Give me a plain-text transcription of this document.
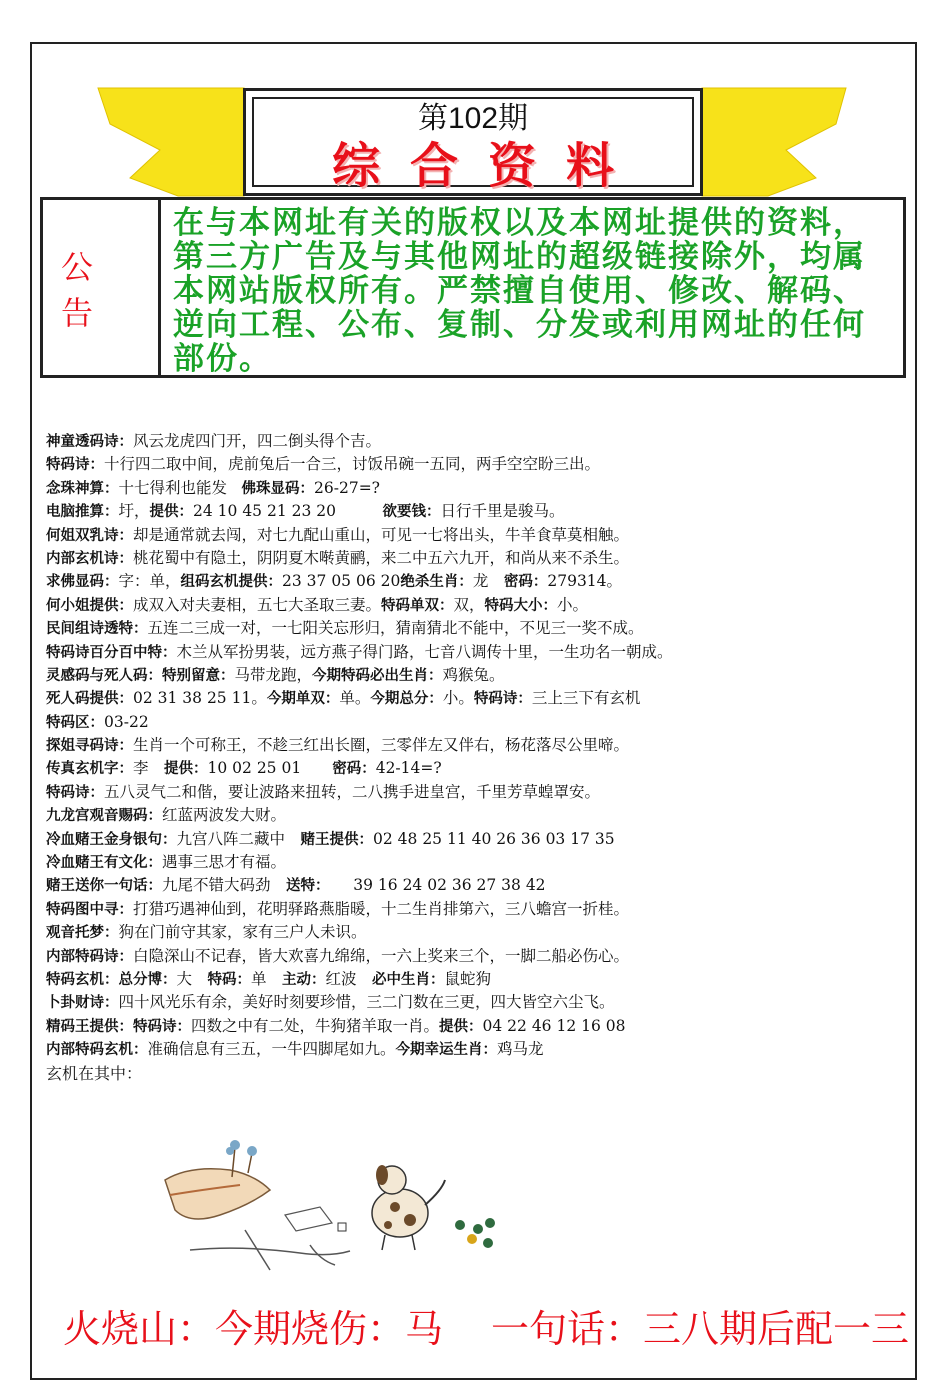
第102期
综合资料
公告
在与本网址有关的版权以及本网址提供的资料，第三方广告及与其他网址的超级链接除外，均属本网站版权所有。严禁擅自使用、修改、解码、逆向工程、公布、复制、分发或利用网址的任何部份。
神童透码诗：风云龙虎四门开，四二倒头得个吉。
特码诗：十行四二取中间，虎前兔后一合三，讨饭吊碗一五同，两手空空盼三出。
念珠神算：十七得利也能发　佛珠显码：26-27=?
电脑推算：圩，提供：24 10 45 21 23 20　　　欲要钱：日行千里是骏马。
何姐双乳诗：却是通常就去闯，对七九配山重山，可见一七将出头，牛羊食草莫相触。
内部玄机诗：桃花蜀中有隐土，阴阴夏木啭黄鹂，来二中五六九开，和尚从来不杀生。
求佛显码：字：单，组码玄机提供：23 37 05 06 20绝杀生肖：龙　密码：279314。
何小姐提供：成双入对夫妻相，五七大圣取三妻。特码单双：双，特码大小：小。
民间组诗透特：五连二三成一对，一七阳关忘形归，猜南猜北不能中，不见三一奖不成。
特码诗百分百中特：木兰从军扮男装，远方燕子得门路，七音八调传十里，一生功名一朝成。
灵感码与死人码：特别留意：马带龙跑，今期特码必出生肖：鸡猴兔。
死人码提供：02 31 38 25 11。今期单双：单。今期总分：小。特码诗：三上三下有玄机
特码区：03-22
探姐寻码诗：生肖一个可称王，不趁三红出长圈，三零伴左又伴右，杨花落尽公里啼。
传真玄机字：李　提供：10 02 25 01　　密码：42-14=?
特码诗：五八灵气二和偕，要让波路来扭转，二八携手进皇宫，千里芳草蝗罩安。
九龙宫观音赐码：红蓝两波发大财。
冷血赌王金身银句：九宫八阵二藏中　赌王提供：02 48 25 11 40 26 36 03 17 35
冷血赌王有文化：遇事三思才有福。
赌王送你一句话：九尾不错大码劲　送特：　　39 16 24 02 36 27 38 42
特码图中寻：打猎巧遇神仙到，花明驿路燕脂暖，十二生肖排第六，三八蟾宫一折桂。
观音托梦：狗在门前守其家，家有三户人未识。
内部特码诗：白隐深山不记春，皆大欢喜九绵绵，一六上奖来三个，一脚二船必伤心。
特码玄机：总分博：大　特码：单　主动：红波　必中生肖：鼠蛇狗
卜卦财诗：四十风光乐有余，美好时刻要珍惜，三二门数在三更，四大皆空六尘飞。
精码王提供：特码诗：四数之中有二处，牛狗猪羊取一肖。提供：04 22 46 12 16 08
内部特码玄机：准确信息有三五，一牛四脚尾如九。今期幸运生肖：鸡马龙
玄机在其中：
火烧山：今期烧伤：马 一句话：三八期后配一三
